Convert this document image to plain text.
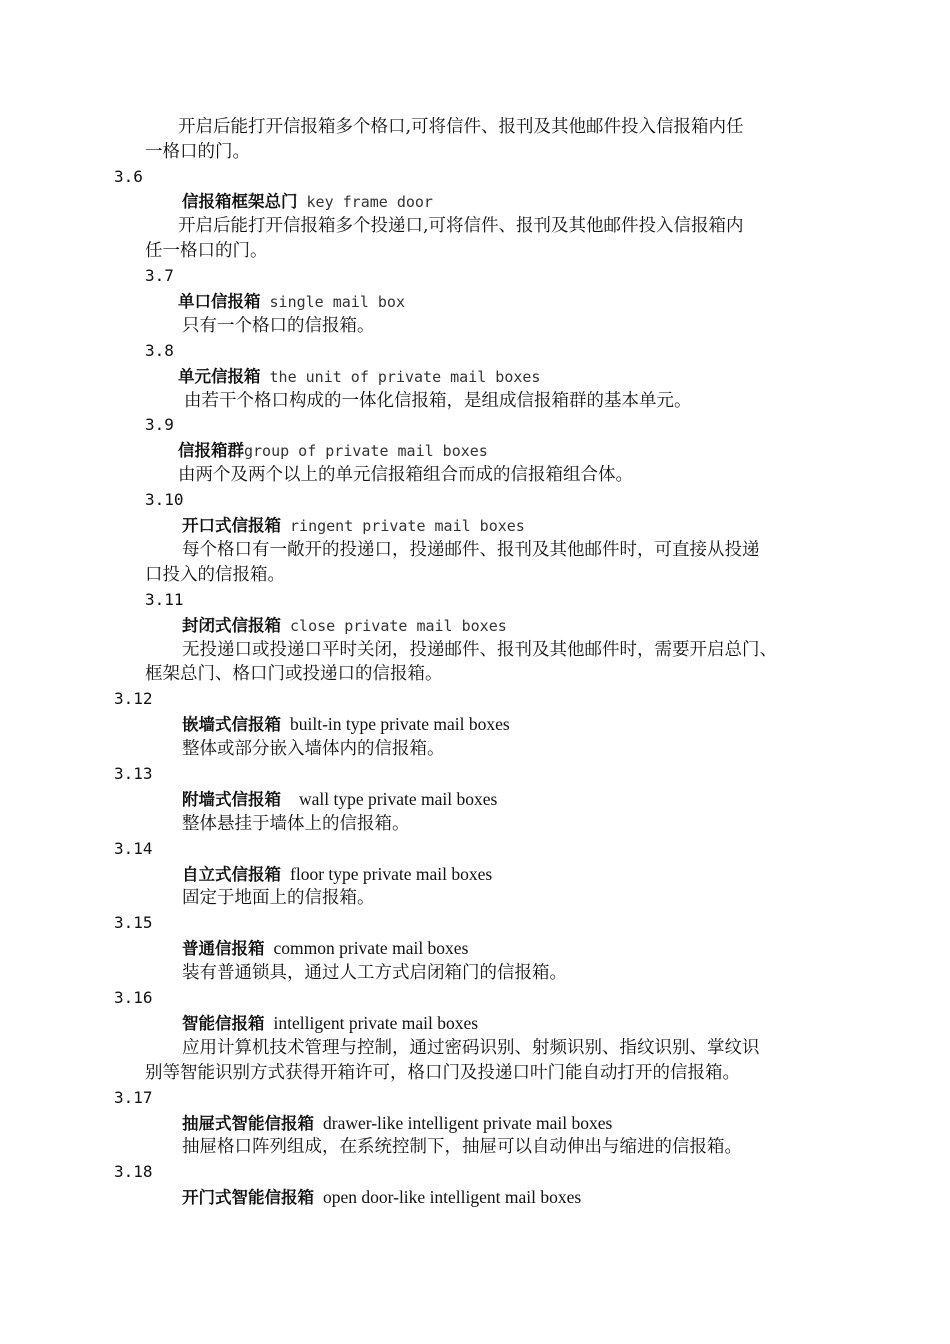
开启后能打开信报箱多个格口,可将信件、报刊及其他邮件投入信报箱内任
一格口的门。
3.6
信报箱框架总门 key frame door
开启后能打开信报箱多个投递口,可将信件、报刊及其他邮件投入信报箱内
任一格口的门。
3.7
单口信报箱 single mail box
只有一个格口的信报箱。
3.8
单元信报箱 the unit of private mail boxes
由若干个格口构成的一体化信报箱，是组成信报箱群的基本单元。
3.9
信报箱群group of private mail boxes
由两个及两个以上的单元信报箱组合而成的信报箱组合体。
3.10
开口式信报箱 ringent private mail boxes
每个格口有一敞开的投递口，投递邮件、报刊及其他邮件时，可直接从投递
口投入的信报箱。
3.11
封闭式信报箱 close private mail boxes
无投递口或投递口平时关闭，投递邮件、报刊及其他邮件时，需要开启总门、
框架总门、格口门或投递口的信报箱。
3.12
嵌墙式信报箱 built-in type private mail boxes
整体或部分嵌入墙体内的信报箱。
3.13
附墙式信报箱 wall type private mail boxes
整体悬挂于墙体上的信报箱。
3.14
自立式信报箱 floor type private mail boxes
固定于地面上的信报箱。
3.15
普通信报箱 common private mail boxes
装有普通锁具，通过人工方式启闭箱门的信报箱。
3.16
智能信报箱 intelligent private mail boxes
应用计算机技术管理与控制，通过密码识别、射频识别、指纹识别、掌纹识
别等智能识别方式获得开箱许可，格口门及投递口叶门能自动打开的信报箱。
3.17
抽屉式智能信报箱 drawer-like intelligent private mail boxes
抽屉格口阵列组成，在系统控制下，抽屉可以自动伸出与缩进的信报箱。
3.18
开门式智能信报箱 open door-like intelligent mail boxes
